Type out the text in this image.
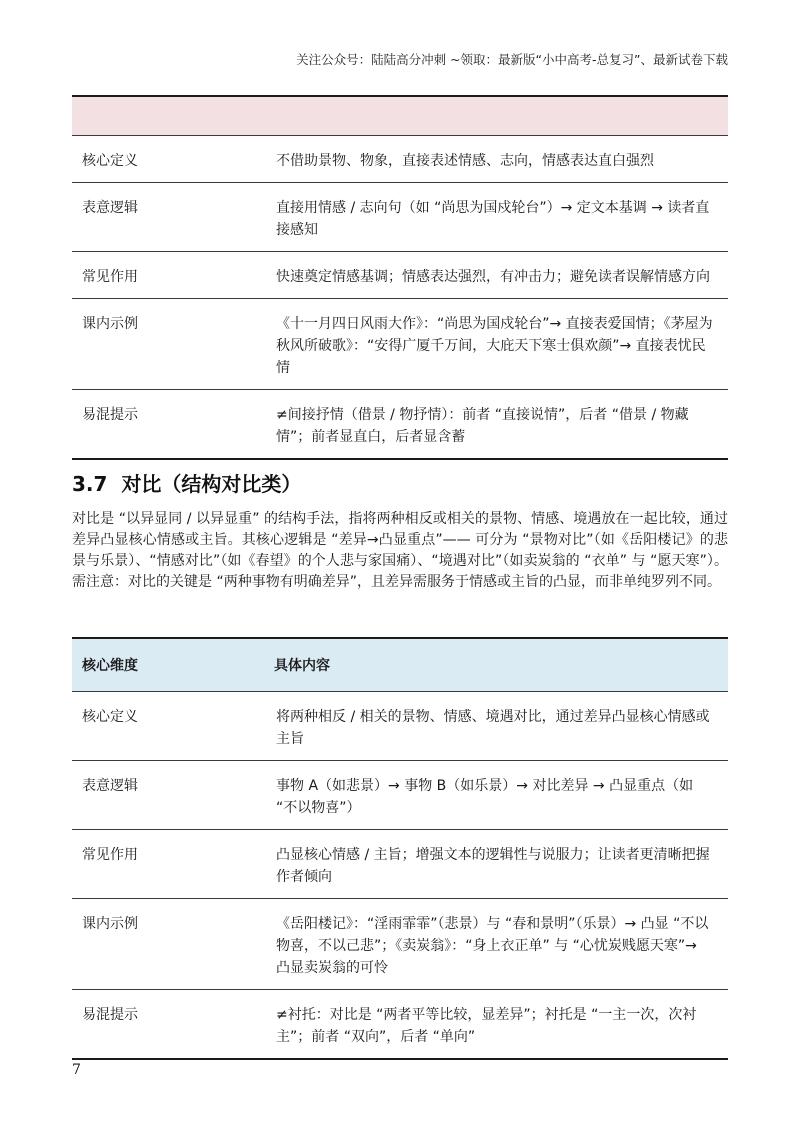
关注公众号：陆陆高分冲刺 ~领取：最新版“小中高考-总复习”、最新试卷下载

核心定义	不借助景物、物象，直接表述情感、志向，情感表达直白强烈
表意逻辑	直接用情感 / 志向句（如 “尚思为国戍轮台”）→ 定文本基调 → 读者直接感知
常见作用	快速奠定情感基调；情感表达强烈，有冲击力；避免读者误解情感方向
课内示例	《十一月四日风雨大作》：“尚思为国戍轮台”→ 直接表爱国情；《茅屋为秋风所破歌》：“安得广厦千万间，大庇天下寒士俱欢颜”→ 直接表忧民情
易混提示	≠间接抒情（借景 / 物抒情）：前者 “直接说情”，后者 “借景 / 物藏情”；前者显直白，后者显含蓄
3.7 对比（结构对比类）
对比是 “以异显同 / 以异显重” 的结构手法，指将两种相反或相关的景物、情感、境遇放在一起比较，通过差异凸显核心情感或主旨。其核心逻辑是 “差异→凸显重点”—— 可分为 “景物对比”（如《岳阳楼记》的悲景与乐景）、“情感对比”（如《春望》的个人悲与家国痛）、“境遇对比”（如卖炭翁的 “衣单” 与 “愿天寒”）。需注意：对比的关键是 “两种事物有明确差异”，且差异需服务于情感或主旨的凸显，而非单纯罗列不同。
核心维度	具体内容
核心定义	将两种相反 / 相关的景物、情感、境遇对比，通过差异凸显核心情感或主旨
表意逻辑	事物 A（如悲景）→ 事物 B（如乐景）→ 对比差异 → 凸显重点（如 “不以物喜”）
常见作用	凸显核心情感 / 主旨；增强文本的逻辑性与说服力；让读者更清晰把握作者倾向
课内示例	《岳阳楼记》：“淫雨霏霏”（悲景）与 “春和景明”（乐景）→ 凸显 “不以物喜，不以己悲”；《卖炭翁》：“身上衣正单” 与 “心忧炭贱愿天寒”→ 凸显卖炭翁的可怜
易混提示	≠衬托：对比是 “两者平等比较，显差异”；衬托是 “一主一次，次衬主”；前者 “双向”，后者 “单向”
7
